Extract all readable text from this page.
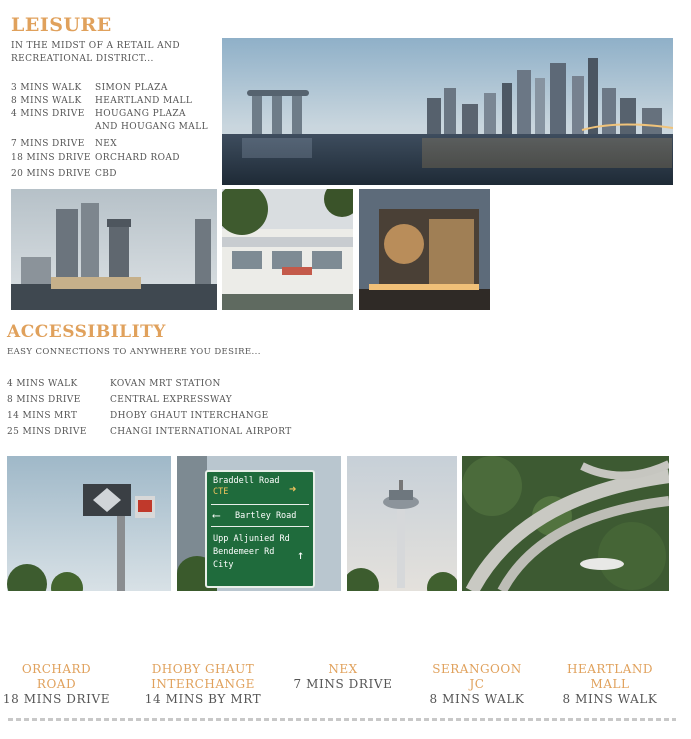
LEISURE
IN THE MIDST OF A RETAIL AND
RECREATIONAL DISTRICT...
3 MINS WALK SIMON PLAZA
8 MINS WALK HEARTLAND MALL
4 MINS DRIVE HOUGANG PLAZA
AND HOUGANG MALL
7 MINS DRIVE NEX
18 MINS DRIVE ORCHARD ROAD
20 MINS DRIVE CBD
ACCESSIBILITY
EASY CONNECTIONS TO ANYWHERE YOU DESIRE...
4 MINS WALK	KOVAN MRT STATION
8 MINS DRIVE	CENTRAL EXPRESSWAY
14 MINS MRT	DHOBY GHAUT INTERCHANGE
25 MINS DRIVE	CHANGI INTERNATIONAL AIRPORT
Braddell Road
CTE	➜
⟵ Bartley Road
Upp Aljunied Rd
Bendemeer Rd
City
↑
ORCHARD
ROAD
18 MINS DRIVE
DHOBY GHAUT
INTERCHANGE
14 MINS BY MRT
NEX
7 MINS DRIVE
SERANGOON
JC
8 MINS WALK
HEARTLAND
MALL
8 MINS WALK
